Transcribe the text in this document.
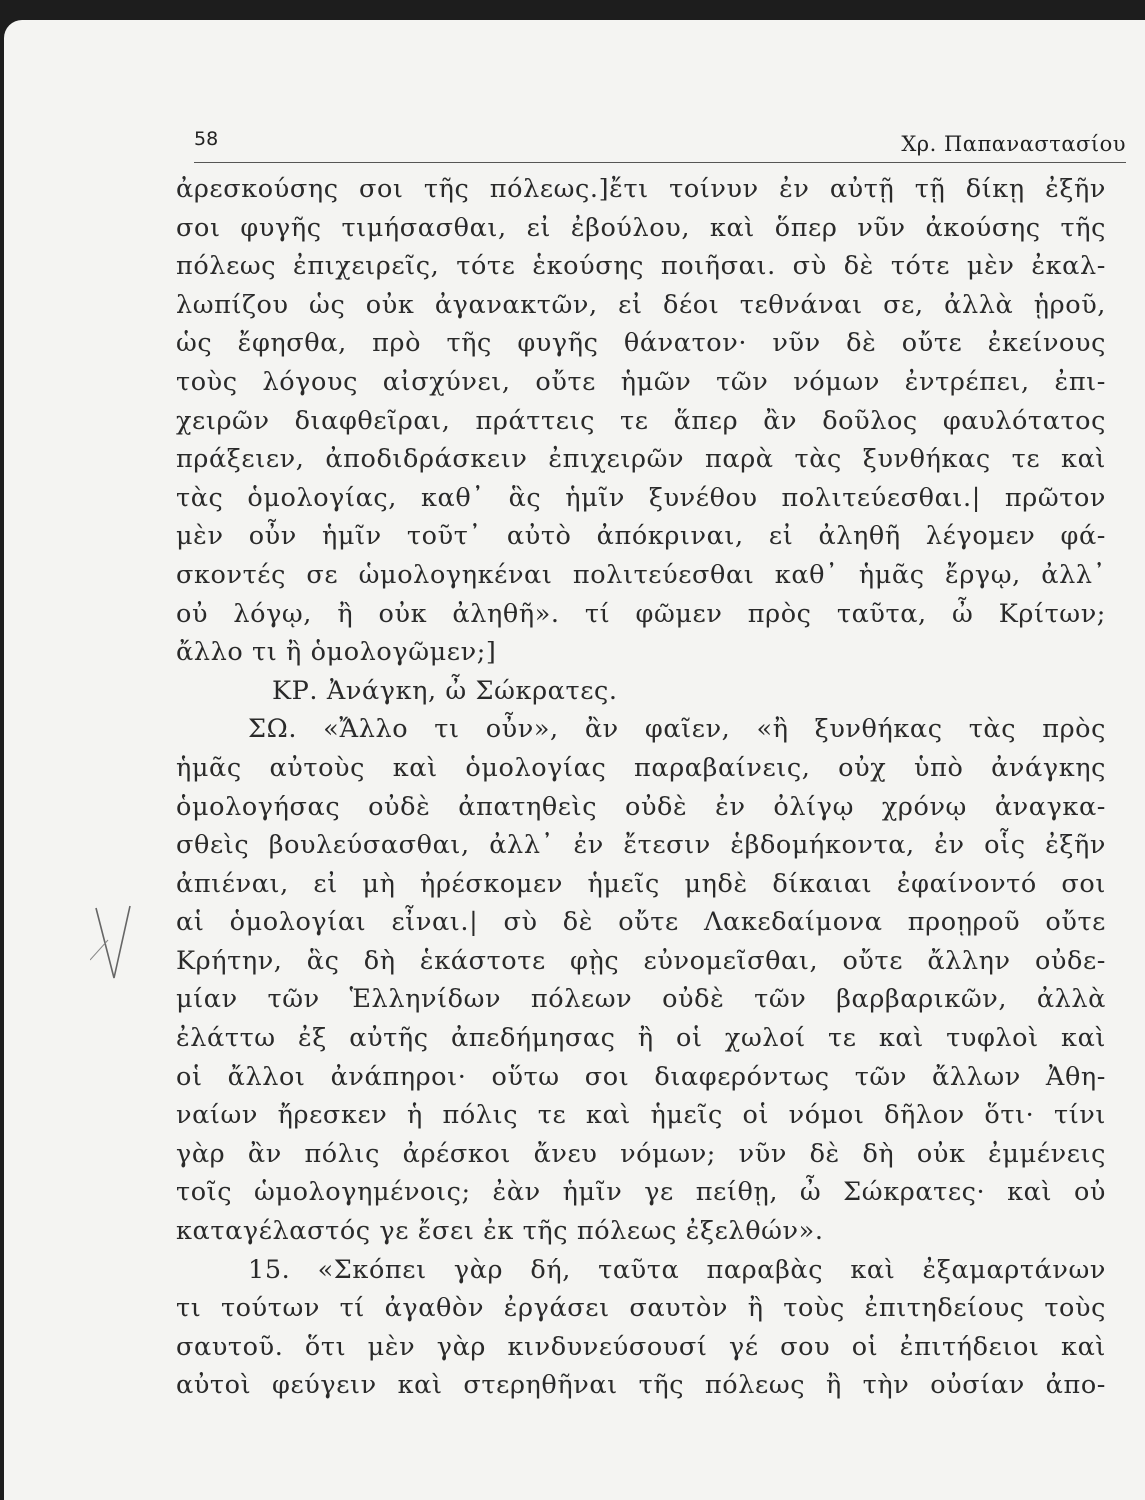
58	Χρ. Παπαναστασίου
ἀρεσκούσης σοι τῆς πόλεως.]ἔτι τοίνυν ἐν αὐτῇ τῇ δίκῃ ἐξῆν
σοι φυγῆς τιμήσασθαι, εἰ ἐβούλου, καὶ ὅπερ νῦν ἀκούσης τῆς
πόλεως ἐπιχειρεῖς, τότε ἑκούσης ποιῆσαι. σὺ δὲ τότε μὲν ἐκαλ-
λωπίζου ὡς οὐκ ἀγανακτῶν, εἰ δέοι τεθνάναι σε, ἀλλὰ ᾑροῦ,
ὡς ἔφησθα, πρὸ τῆς φυγῆς θάνατον· νῦν δὲ οὔτε ἐκείνους
τοὺς λόγους αἰσχύνει, οὔτε ἡμῶν τῶν νόμων ἐντρέπει, ἐπι-
χειρῶν διαφθεῖραι, πράττεις τε ἅπερ ἂν δοῦλος φαυλότατος
πράξειεν, ἀποδιδράσκειν ἐπιχειρῶν παρὰ τὰς ξυνθήκας τε καὶ
τὰς ὁμολογίας, καθ᾿ ἃς ἡμῖν ξυνέθου πολιτεύεσθαι.| πρῶτον
μὲν οὖν ἡμῖν τοῦτ᾿ αὐτὸ ἀπόκριναι, εἰ ἀληθῆ λέγομεν φά-
σκοντές σε ὡμολογηκέναι πολιτεύεσθαι καθ᾿ ἡμᾶς ἔργῳ, ἀλλ᾿
οὐ λόγῳ, ἢ οὐκ ἀληθῆ». τί φῶμεν πρὸς ταῦτα, ὦ Κρίτων;
ἄλλο τι ἢ ὁμολογῶμεν;]
ΚΡ. Ἀνάγκη, ὦ Σώκρατες.
ΣΩ. «Ἄλλο τι οὖν», ἂν φαῖεν, «ἢ ξυνθήκας τὰς πρὸς
ἡμᾶς αὐτοὺς καὶ ὁμολογίας παραβαίνεις, οὐχ ὑπὸ ἀνάγκης
ὁμολογήσας οὐδὲ ἀπατηθεὶς οὐδὲ ἐν ὀλίγῳ χρόνῳ ἀναγκα-
σθεὶς βουλεύσασθαι, ἀλλ᾿ ἐν ἔτεσιν ἑβδομήκοντα, ἐν οἷς ἐξῆν
ἀπιέναι, εἰ μὴ ἠρέσκομεν ἡμεῖς μηδὲ δίκαιαι ἐφαίνοντό σοι
αἱ ὁμολογίαι εἶναι.| σὺ δὲ οὔτε Λακεδαίμονα προῃροῦ οὔτε
Κρήτην, ἃς δὴ ἑκάστοτε φῂς εὐνομεῖσθαι, οὔτε ἄλλην οὐδε-
μίαν τῶν Ἑλληνίδων πόλεων οὐδὲ τῶν βαρβαρικῶν, ἀλλὰ
ἐλάττω ἐξ αὐτῆς ἀπεδήμησας ἢ οἱ χωλοί τε καὶ τυφλοὶ καὶ
οἱ ἄλλοι ἀνάπηροι· οὕτω σοι διαφερόντως τῶν ἄλλων Ἀθη-
ναίων ἤρεσκεν ἡ πόλις τε καὶ ἡμεῖς οἱ νόμοι δῆλον ὅτι· τίνι
γὰρ ἂν πόλις ἀρέσκοι ἄνευ νόμων; νῦν δὲ δὴ οὐκ ἐμμένεις
τοῖς ὡμολογημένοις; ἐὰν ἡμῖν γε πείθῃ, ὦ Σώκρατες· καὶ οὐ
καταγέλαστός γε ἔσει ἐκ τῆς πόλεως ἐξελθών».
15. «Σκόπει γὰρ δή, ταῦτα παραβὰς καὶ ἐξαμαρτάνων
τι τούτων τί ἀγαθὸν ἐργάσει σαυτὸν ἢ τοὺς ἐπιτηδείους τοὺς
σαυτοῦ. ὅτι μὲν γὰρ κινδυνεύσουσί γέ σου οἱ ἐπιτήδειοι καὶ
αὐτοὶ φεύγειν καὶ στερηθῆναι τῆς πόλεως ἢ τὴν οὐσίαν ἀπο-
